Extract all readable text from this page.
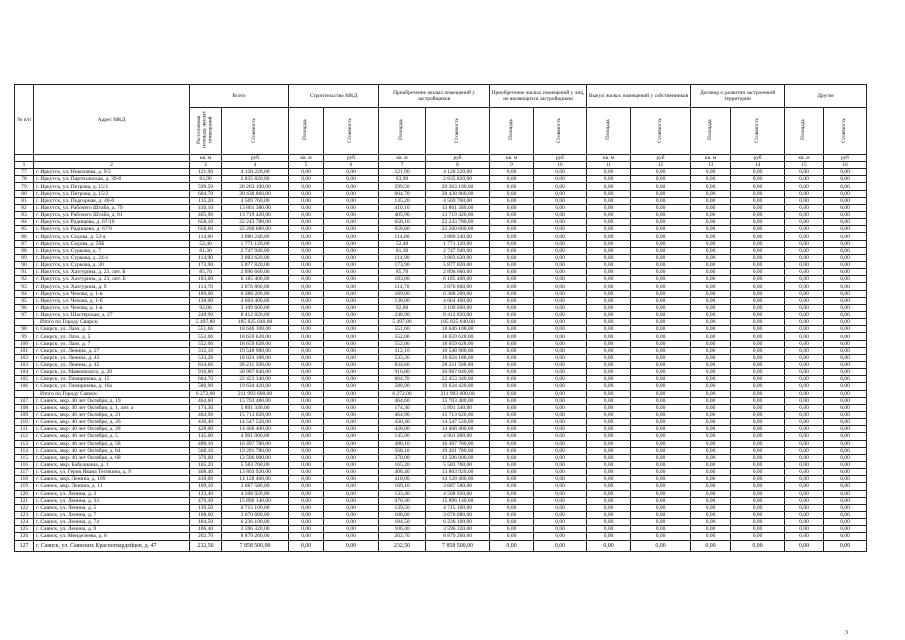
№ п/п	Адрес МКД	Всего		Строительство МКД		Приобретение жилых помещений у застройщиков		Приобретение жилых помещений у лиц, не являющихся застройщиком		Выкуп жилых помещений у собственников		Договор о развитии застроенной территории		Другие	
		Расселяемая площадь жилых помещений	Стоимость	Площадь	Стоимость	Площадь	Стоимость	Площадь	Стоимость	Площадь	Стоимость	Площадь	Стоимость	Площадь	Стоимость
		кв. м	руб	кв. м	руб	кв. м	руб	кв. м	руб	кв. м	руб	кв. м	руб	кв. м	руб
1	2	3	4	5	6	7	8	9	10	11	12	13	14	15	16
77	г. Иркутск, ул. Николаева, д. 9/2	121,90	4 120 220,00	0,00	0,00	121,90	4 120 220,00	0,00	0,00	0,00	0,00	0,00	0,00	0,00	0,00
78	г. Иркутск, ул. Партизанская, д. 39-б	83,90	2 835 820,00	0,00	0,00	83,90	2 835 820,00	0,00	0,00	0,00	0,00	0,00	0,00	0,00	0,00
79	г. Иркутск, ул. Петрова, д. 15/1	599,50	20 263 100,00	0,00	0,00	599,50	20 263 100,00	0,00	0,00	0,00	0,00	0,00	0,00	0,00	0,00
80	г. Иркутск, ул. Петрова, д. 15/2	604,70	20 438 860,00	0,00	0,00	604,70	20 438 860,00	0,00	0,00	0,00	0,00	0,00	0,00	0,00	0,00
81	г. Иркутск, ул. Подгорная, д. 40-б	135,20	4 569 760,00	0,00	0,00	135,20	4 569 760,00	0,00	0,00	0,00	0,00	0,00	0,00	0,00	0,00
82	г. Иркутск, ул. Рабочего Штаба, д. 79	410,10	13 861 380,00	0,00	0,00	410,10	13 861 380,00	0,00	0,00	0,00	0,00	0,00	0,00	0,00	0,00
83	г. Иркутск, ул. Рабочего Штаба, д. 81	405,90	13 719 420,00	0,00	0,00	405,90	13 719 420,00	0,00	0,00	0,00	0,00	0,00	0,00	0,00	0,00
84	г. Иркутск, ул. Радищева, д. 67/10	658,10	22 243 780,00	0,00	0,00	658,10	22 243 780,00	0,00	0,00	0,00	0,00	0,00	0,00	0,00	0,00
85	г. Иркутск, ул. Радищева, д. 67/9	658,60	22 260 680,00	0,00	0,00	658,60	22 260 680,00	0,00	0,00	0,00	0,00	0,00	0,00	0,00	0,00
86	г. Иркутск, ул. Седова, д. 53-а	114,80	3 880 240,00	0,00	0,00	114,80	3 880 240,00	0,00	0,00	0,00	0,00	0,00	0,00	0,00	0,00
87	г. Иркутск, ул. Седова, д. 59Б	52,40	1 771 120,00	0,00	0,00	52,40	1 771 120,00	0,00	0,00	0,00	0,00	0,00	0,00	0,00	0,00
88	г. Иркутск, ул. Суркова, д. 7	81,30	2 747 940,00	0,00	0,00	81,30	2 747 940,00	0,00	0,00	0,00	0,00	0,00	0,00	0,00	0,00
89	г. Иркутск, ул. Суркова, д. 24-1	114,90	3 883 620,00	0,00	0,00	114,90	3 883 620,00	0,00	0,00	0,00	0,00	0,00	0,00	0,00	0,00
90	г. Иркутск, ул. Суркова, д. 30	173,90	5 877 820,00	0,00	0,00	173,90	5 877 820,00	0,00	0,00	0,00	0,00	0,00	0,00	0,00	0,00
91	г. Иркутск, ул. Хазгурина, д. 23, лит. Б	85,70	2 896 660,00	0,00	0,00	85,70	2 896 660,00	0,00	0,00	0,00	0,00	0,00	0,00	0,00	0,00
92	г. Иркутск, ул. Хазгурина, д. 23, лит. Е	183,00	6 185 400,00	0,00	0,00	183,00	6 185 400,00	0,00	0,00	0,00	0,00	0,00	0,00	0,00	0,00
93	г. Иркутск, ул. Хазгурина, д. 9	114,70	3 876 860,00	0,00	0,00	114,70	3 876 860,00	0,00	0,00	0,00	0,00	0,00	0,00	0,00	0,00
94	г. Иркутск, ул. Чехова, д. 1-в	189,00	6 388 200,00	0,00	0,00	189,00	6 388 200,00	0,00	0,00	0,00	0,00	0,00	0,00	0,00	0,00
95	г. Иркутск, ул. Чехова, д. 1-б	138,00	4 664 400,00	0,00	0,00	138,00	4 664 400,00	0,00	0,00	0,00	0,00	0,00	0,00	0,00	0,00
96	г. Иркутск, ул. Чехова, д. 1-в	92,00	3 109 600,00	0,00	0,00	92,00	3 109 600,00	0,00	0,00	0,00	0,00	0,00	0,00	0,00	0,00
97	г. Иркутск, ул. Шастерская, д. 27	248,90	8 412 820,00	0,00	0,00	248,90	8 412 820,00	0,00	0,00	0,00	0,00	0,00	0,00	0,00	0,00
	Итого по Городу Свирск:	5 497,80	185 825 640,00	0,00	0,00	5 497,80	185 825 640,00	0,00	0,00	0,00	0,00	0,00	0,00	0,00	0,00
98	г. Свирск, ул. Лазо, д. 3	551,66	18 646 108,00	0,00	0,00	551,66	18 646 108,00	0,00	0,00	0,00	0,00	0,00	0,00	0,00	0,00
99	г. Свирск, ул. Лазо, д. 5	552,06	18 659 628,00	0,00	0,00	552,06	18 659 628,00	0,00	0,00	0,00	0,00	0,00	0,00	0,00	0,00
100	г. Свирск, ул. Лазо, д. 7	552,06	18 659 628,00	0,00	0,00	552,06	18 659 628,00	0,00	0,00	0,00	0,00	0,00	0,00	0,00	0,00
101	г. Свирск, ул. Ленина, д. 27	312,10	10 548 980,00	0,00	0,00	312,10	10 548 980,00	0,00	0,00	0,00	0,00	0,00	0,00	0,00	0,00
102	г. Свирск, ул. Ленина, д. 43	533,26	18 024 188,00	0,00	0,00	533,26	18 024 188,00	0,00	0,00	0,00	0,00	0,00	0,00	0,00	0,00
103	г. Свирск, ул. Ленина, д. 45	834,66	28 211 508,00	0,00	0,00	834,66	28 211 508,00	0,00	0,00	0,00	0,00	0,00	0,00	0,00	0,00
104	г. Свирск, ул. Маяковского, д. 20	916,80	30 987 840,00	0,00	0,00	916,80	30 987 840,00	0,00	0,00	0,00	0,00	0,00	0,00	0,00	0,00
105	г. Свирск, ул. Тимирязева, д. 15	664,70	22 453 340,00	0,00	0,00	664,70	22 453 340,00	0,00	0,00	0,00	0,00	0,00	0,00	0,00	0,00
106	г. Свирск, ул. Тимирязева, д. 16а	580,90	19 634 420,00	0,00	0,00	580,90	19 634 420,00	0,00	0,00	0,00	0,00	0,00	0,00	0,00	0,00
	Итого по Городу Саянск:	6 272,00	211 993 600,00	0,00	0,00	6 272,00	211 993 600,00	0,00	0,00	0,00	0,00	0,00	0,00	0,00	0,00
107	г. Саянск, мкр. 40 лет Октября, д. 19	464,60	15 703 480,00	0,00	0,00	464,60	15 703 480,00	0,00	0,00	0,00	0,00	0,00	0,00	0,00	0,00
108	г. Саянск, мкр. 40 лет Октября, д. 1, лит. а	174,30	5 891 340,00	0,00	0,00	174,30	5 891 340,00	0,00	0,00	0,00	0,00	0,00	0,00	0,00	0,00
109	г. Саянск, мкр. 40 лет Октября, д. 21	464,90	15 713 620,00	0,00	0,00	464,90	15 713 620,00	0,00	0,00	0,00	0,00	0,00	0,00	0,00	0,00
110	г. Саянск, мкр. 40 лет Октября, д. 26	430,40	14 547 520,00	0,00	0,00	430,40	14 547 520,00	0,00	0,00	0,00	0,00	0,00	0,00	0,00	0,00
111	г. Саянск, мкр. 40 лет Октября, д. 28	428,00	14 466 400,00	0,00	0,00	428,00	14 466 400,00	0,00	0,00	0,00	0,00	0,00	0,00	0,00	0,00
112	г. Саянск, мкр. 40 лет Октября, д. 5	145,00	4 901 000,00	0,00	0,00	145,00	4 901 000,00	0,00	0,00	0,00	0,00	0,00	0,00	0,00	0,00
113	г. Саянск, мкр. 40 лет Октября, д. 58	488,10	16 497 780,00	0,00	0,00	488,10	16 497 780,00	0,00	0,00	0,00	0,00	0,00	0,00	0,00	0,00
114	г. Саянск, мкр. 40 лет Октября, д. 64	568,10	19 201 780,00	0,00	0,00	568,10	19 201 780,00	0,00	0,00	0,00	0,00	0,00	0,00	0,00	0,00
115	г. Саянск, мкр. 40 лет Октября, д. 68	370,00	12 506 000,00	0,00	0,00	370,00	12 506 000,00	0,00	0,00	0,00	0,00	0,00	0,00	0,00	0,00
116	г. Саянск, мкр. Бабушкина, д. 1	165,20	5 583 760,00	0,00	0,00	165,20	5 583 760,00	0,00	0,00	0,00	0,00	0,00	0,00	0,00	0,00
117	г. Саянск, ул. Героя Ивана Тетикина, д. 9	408,40	13 803 920,00	0,00	0,00	408,40	13 803 920,00	0,00	0,00	0,00	0,00	0,00	0,00	0,00	0,00
118	г. Саянск, мкр. Ленина, д. 109	418,00	14 128 400,00	0,00	0,00	418,00	14 128 400,00	0,00	0,00	0,00	0,00	0,00	0,00	0,00	0,00
119	г. Саянск, мкр. Ленина, д. 11	109,10	3 687 580,00	0,00	0,00	109,10	3 687 580,00	0,00	0,00	0,00	0,00	0,00	0,00	0,00	0,00
120	г. Саянск, ул. Ленина, д. 3	133,40	4 508 920,00	0,00	0,00	133,40	4 508 920,00	0,00	0,00	0,00	0,00	0,00	0,00	0,00	0,00
121	г. Саянск, ул. Ленина, д. 33	470,30	15 896 140,00	0,00	0,00	470,30	15 896 140,00	0,00	0,00	0,00	0,00	0,00	0,00	0,00	0,00
122	г. Саянск, ул. Ленина, д. 5	139,50	4 715 100,00	0,00	0,00	139,50	4 715 100,00	0,00	0,00	0,00	0,00	0,00	0,00	0,00	0,00
123	г. Саянск, ул. Ленина, д. 7	108,60	3 670 680,00	0,00	0,00	108,60	3 670 680,00	0,00	0,00	0,00	0,00	0,00	0,00	0,00	0,00
124	г. Саянск, ул. Ленина, д. 74	184,50	6 236 100,00	0,00	0,00	184,50	6 236 100,00	0,00	0,00	0,00	0,00	0,00	0,00	0,00	0,00
125	г. Саянск, ул. Ленина, д. 9	106,40	3 596 320,00	0,00	0,00	106,40	3 596 320,00	0,00	0,00	0,00	0,00	0,00	0,00	0,00	0,00
126	г. Саянск, ул. Менделеева, д. 6	262,70	8 879 260,00	0,00	0,00	262,70	8 879 260,00	0,00	0,00	0,00	0,00	0,00	0,00	0,00	0,00
127	г. Саянск, ул. Саянских Красногвардейцев, д. 47	232,50	7 858 500,00	0,00	0,00	232,50	7 858 500,00	0,00	0,00	0,00	0,00	0,00	0,00	0,00	0,00
3
